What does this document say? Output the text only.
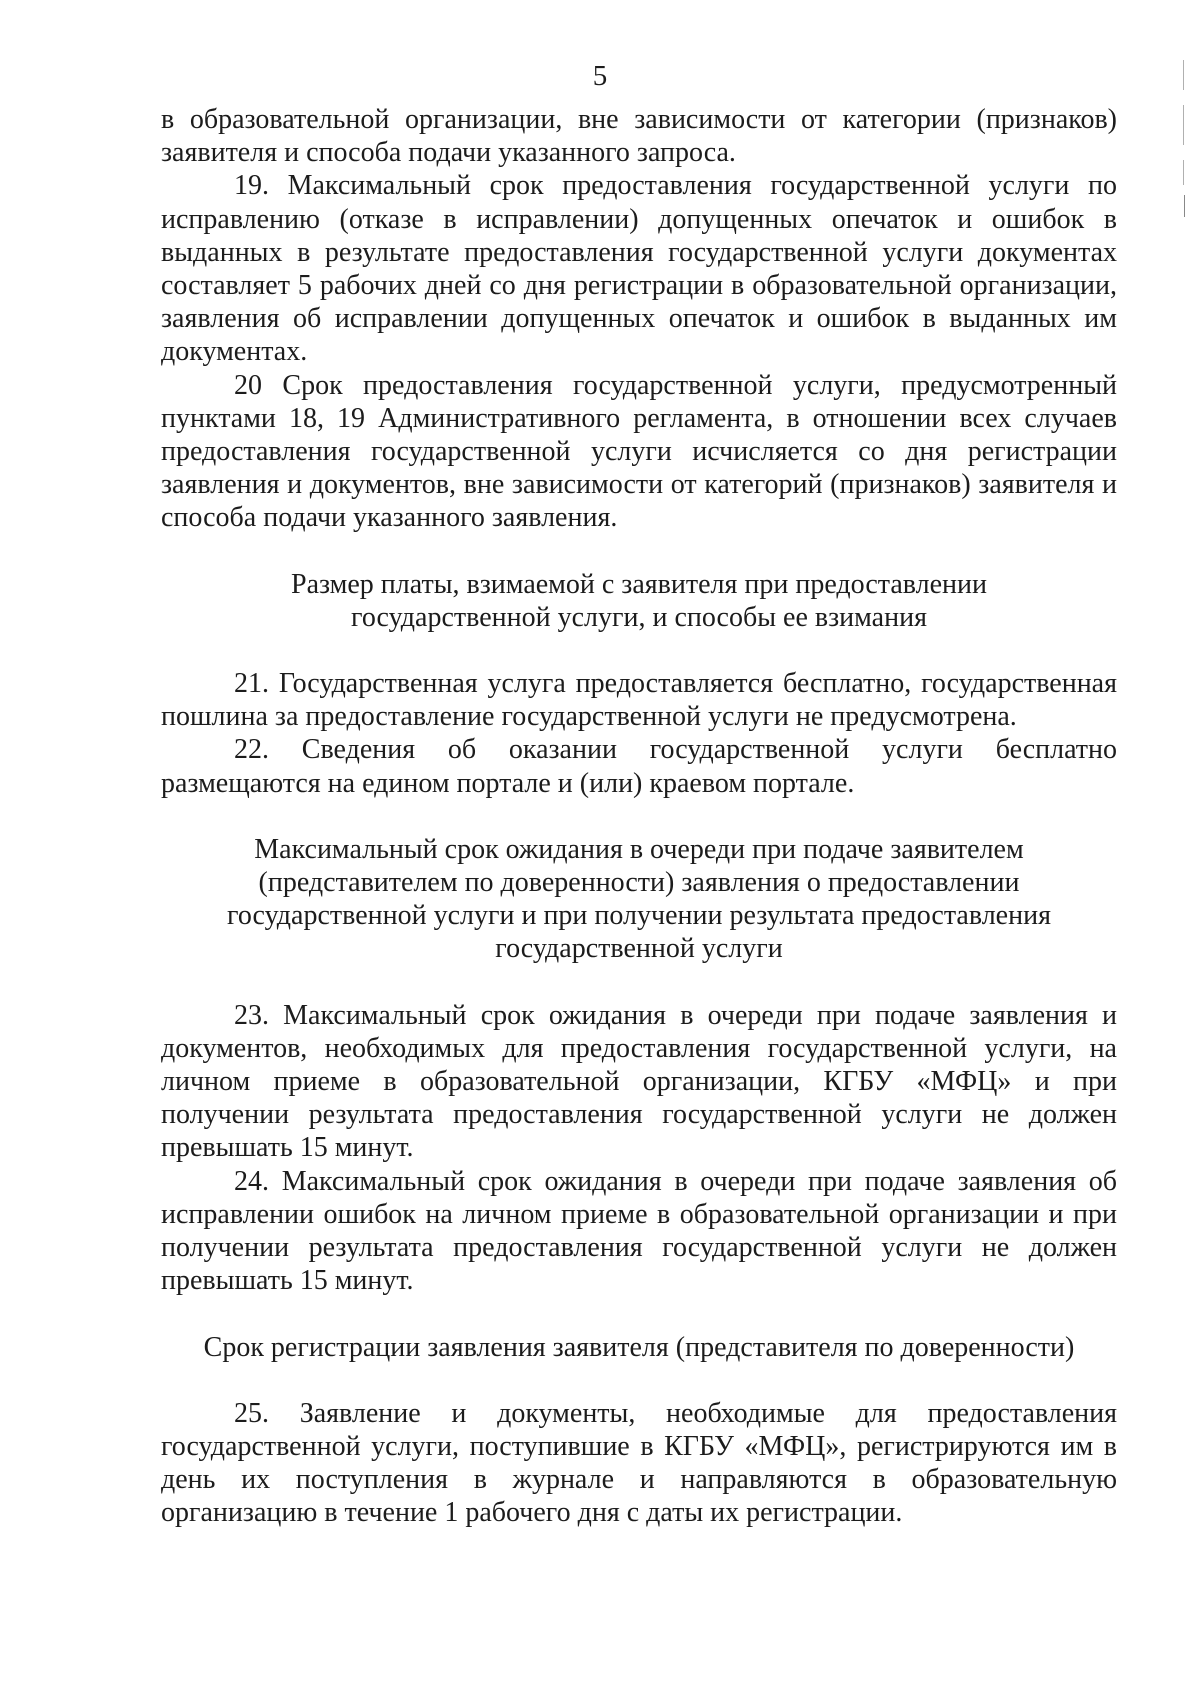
5

в образовательной организации, вне зависимости от категории (признаков) заявителя и способа подачи указанного запроса.

19. Максимальный срок предоставления государственной услуги по исправлению (отказе в исправлении) допущенных опечаток и ошибок в выданных в результате предоставления государственной услуги документах составляет 5 рабочих дней со дня регистрации в образовательной организации, заявления об исправлении допущенных опечаток и ошибок в выданных им документах.

20 Срок предоставления государственной услуги, предусмотренный пунктами 18, 19 Административного регламента, в отношении всех случаев предоставления государственной услуги исчисляется со дня регистрации заявления и документов, вне зависимости от категорий (признаков) заявителя и способа подачи указанного заявления.

Размер платы, взимаемой с заявителя при предоставлении
государственной услуги, и способы ее взимания

21. Государственная услуга предоставляется бесплатно, государственная пошлина за предоставление государственной услуги не предусмотрена.

22. Сведения об оказании государственной услуги бесплатно размещаются на едином портале и (или) краевом портале.

Максимальный срок ожидания в очереди при подаче заявителем
(представителем по доверенности) заявления о предоставлении
государственной услуги и при получении результата предоставления
государственной услуги

23. Максимальный срок ожидания в очереди при подаче заявления и документов, необходимых для предоставления государственной услуги, на личном приеме в образовательной организации, КГБУ «МФЦ» и при получении результата предоставления государственной услуги не должен превышать 15 минут.

24. Максимальный срок ожидания в очереди при подаче заявления об исправлении ошибок на личном приеме в образовательной организации и при получении результата предоставления государственной услуги не должен превышать 15 минут.

Срок регистрации заявления заявителя (представителя по доверенности)

25. Заявление и документы, необходимые для предоставления государственной услуги, поступившие в КГБУ «МФЦ», регистрируются им в день их поступления в журнале и направляются в образовательную организацию в течение 1 рабочего дня с даты их регистрации.
